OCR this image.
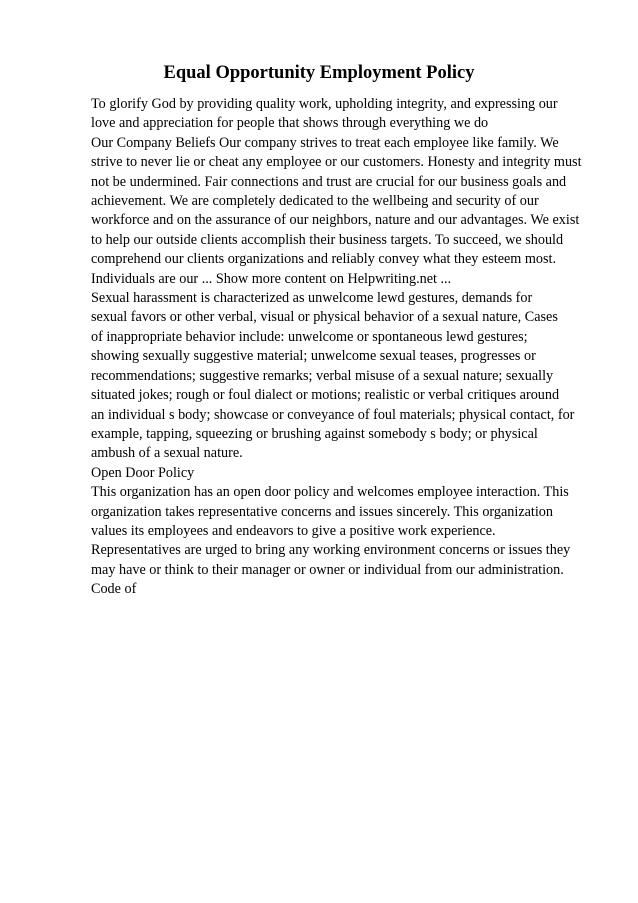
Equal Opportunity Employment Policy
To glorify God by providing quality work, upholding integrity, and expressing our
love and appreciation for people that shows through everything we do
Our Company Beliefs Our company strives to treat each employee like family. We
strive to never lie or cheat any employee or our customers. Honesty and integrity must
not be undermined. Fair connections and trust are crucial for our business goals and
achievement. We are completely dedicated to the wellbeing and security of our
workforce and on the assurance of our neighbors, nature and our advantages. We exist
to help our outside clients accomplish their business targets. To succeed, we should
comprehend our clients organizations and reliably convey what they esteem most.
Individuals are our ... Show more content on Helpwriting.net ...
Sexual harassment is characterized as unwelcome lewd gestures, demands for
sexual favors or other verbal, visual or physical behavior of a sexual nature, Cases
of inappropriate behavior include: unwelcome or spontaneous lewd gestures;
showing sexually suggestive material; unwelcome sexual teases, progresses or
recommendations; suggestive remarks; verbal misuse of a sexual nature; sexually
situated jokes; rough or foul dialect or motions; realistic or verbal critiques around
an individual s body; showcase or conveyance of foul materials; physical contact, for
example, tapping, squeezing or brushing against somebody s body; or physical
ambush of a sexual nature.
Open Door Policy
This organization has an open door policy and welcomes employee interaction. This
organization takes representative concerns and issues sincerely. This organization
values its employees and endeavors to give a positive work experience.
Representatives are urged to bring any working environment concerns or issues they
may have or think to their manager or owner or individual from our administration.
Code of
